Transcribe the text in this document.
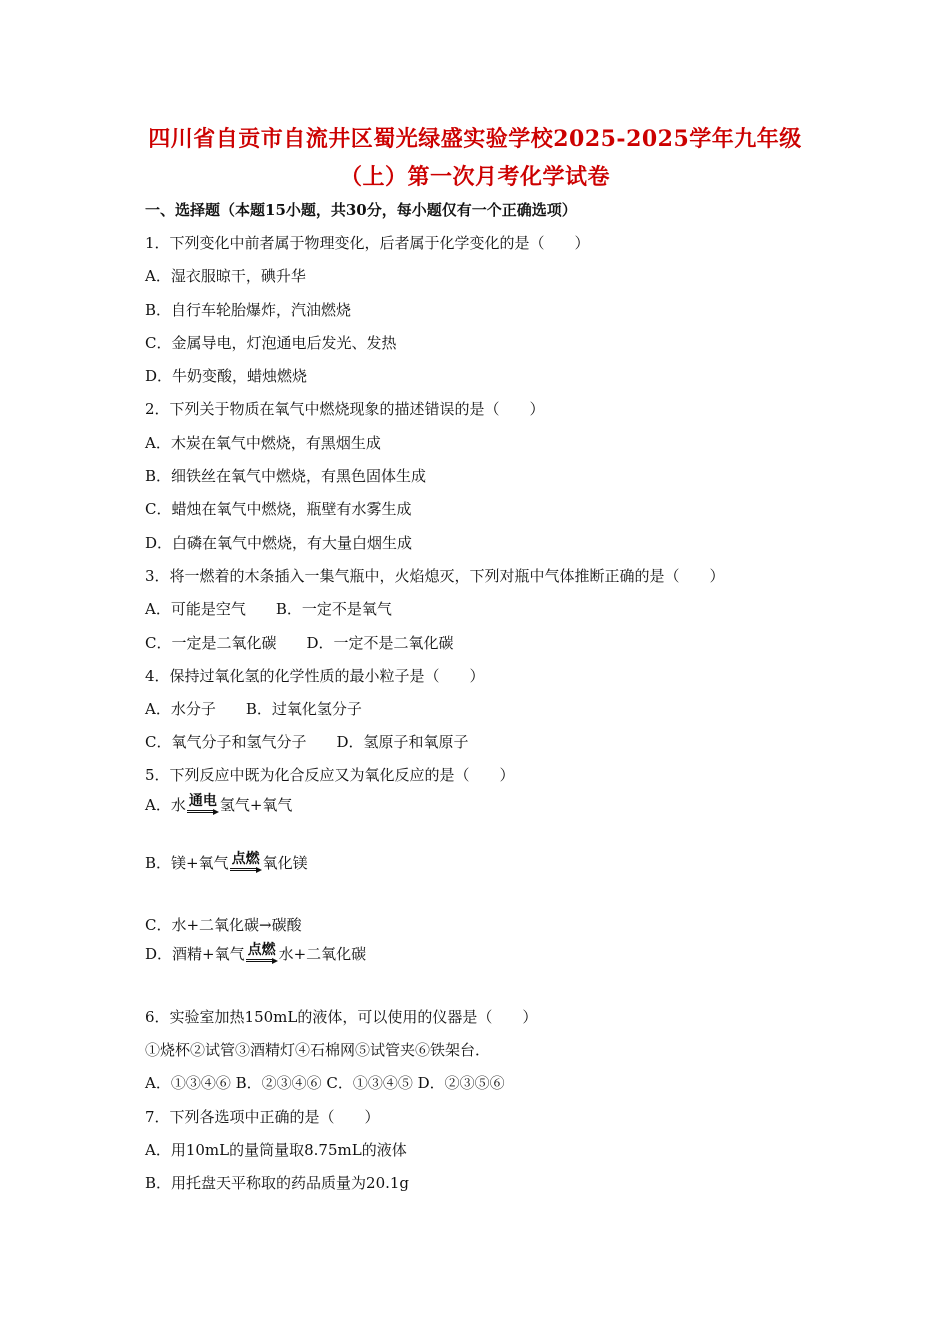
四川省自贡市自流井区蜀光绿盛实验学校2025-2025学年九年级
（上）第一次月考化学试卷
一、选择题（本题15小题，共30分，每小题仅有一个正确选项）
1．下列变化中前者属于物理变化，后者属于化学变化的是（　　）
A．湿衣服晾干，碘升华
B．自行车轮胎爆炸，汽油燃烧
C．金属导电，灯泡通电后发光、发热
D．牛奶变酸，蜡烛燃烧
2．下列关于物质在氧气中燃烧现象的描述错误的是（　　）
A．木炭在氧气中燃烧，有黑烟生成
B．细铁丝在氧气中燃烧，有黑色固体生成
C．蜡烛在氧气中燃烧，瓶壁有水雾生成
D．白磷在氧气中燃烧，有大量白烟生成
3．将一燃着的木条插入一集气瓶中，火焰熄灭，下列对瓶中气体推断正确的是（　　）
A．可能是空气　　B．一定不是氧气
C．一定是二氧化碳　　D．一定不是二氧化碳
4．保持过氧化氢的化学性质的最小粒子是（　　）
A．水分子　　B．过氧化氢分子
C．氧气分子和氢气分子　　D．氢原子和氧原子
5．下列反应中既为化合反应又为氧化反应的是（　　）
A．水 通电 氢气+氧气
B．镁+氧气 点燃 氧化镁
C．水+二氧化碳→碳酸
D．酒精+氧气 点燃 水+二氧化碳
6．实验室加热150mL的液体，可以使用的仪器是（　　）
①烧杯②试管③酒精灯④石棉网⑤试管夹⑥铁架台．
A．①③④⑥ B．②③④⑥ C．①③④⑤ D．②③⑤⑥
7．下列各选项中正确的是（　　）
A．用10mL的量筒量取8.75mL的液体
B．用托盘天平称取的药品质量为20.1g
